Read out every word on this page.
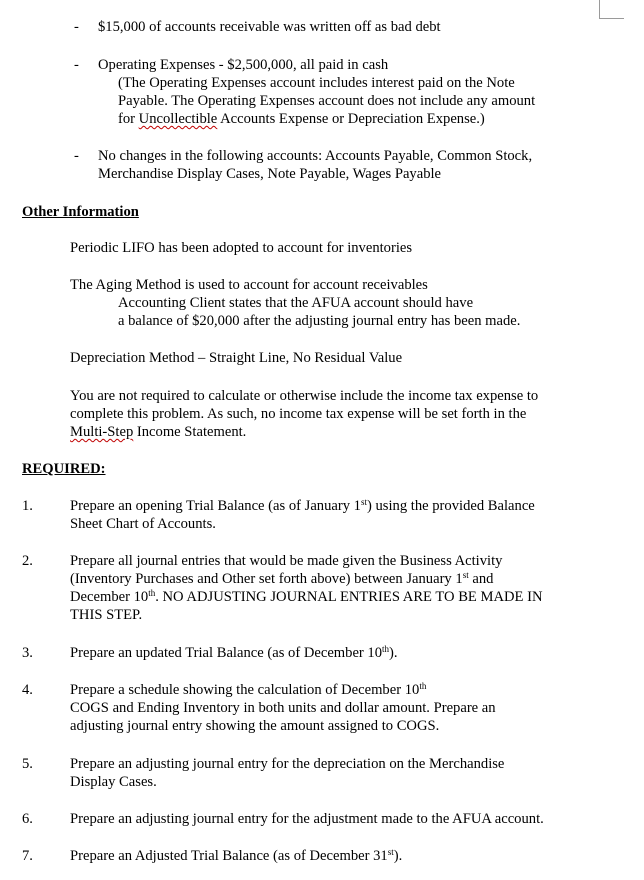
- $15,000 of accounts receivable was written off as bad debt
- Operating Expenses - $2,500,000, all paid in cash
(The Operating Expenses account includes interest paid on the Note
Payable. The Operating Expenses account does not include any amount
for Uncollectible Accounts Expense or Depreciation Expense.)
- No changes in the following accounts: Accounts Payable, Common Stock,
Merchandise Display Cases, Note Payable, Wages Payable
Other Information
Periodic LIFO has been adopted to account for inventories
The Aging Method is used to account for account receivables
Accounting Client states that the AFUA account should have
a balance of $20,000 after the adjusting journal entry has been made.
Depreciation Method – Straight Line, No Residual Value
You are not required to calculate or otherwise include the income tax expense to
complete this problem. As such, no income tax expense will be set forth in the
Multi-Step Income Statement.
REQUIRED:
1.	Prepare an opening Trial Balance (as of January 1st) using the provided Balance
Sheet Chart of Accounts.
2.	Prepare all journal entries that would be made given the Business Activity
(Inventory Purchases and Other set forth above) between January 1st and
December 10th. NO ADJUSTING JOURNAL ENTRIES ARE TO BE MADE IN
THIS STEP.
3.	Prepare an updated Trial Balance (as of December 10th).
4.	Prepare a schedule showing the calculation of December 10th
COGS and Ending Inventory in both units and dollar amount. Prepare an
adjusting journal entry showing the amount assigned to COGS.
5.	Prepare an adjusting journal entry for the depreciation on the Merchandise
Display Cases.
6.	Prepare an adjusting journal entry for the adjustment made to the AFUA account.
7.	Prepare an Adjusted Trial Balance (as of December 31st).
